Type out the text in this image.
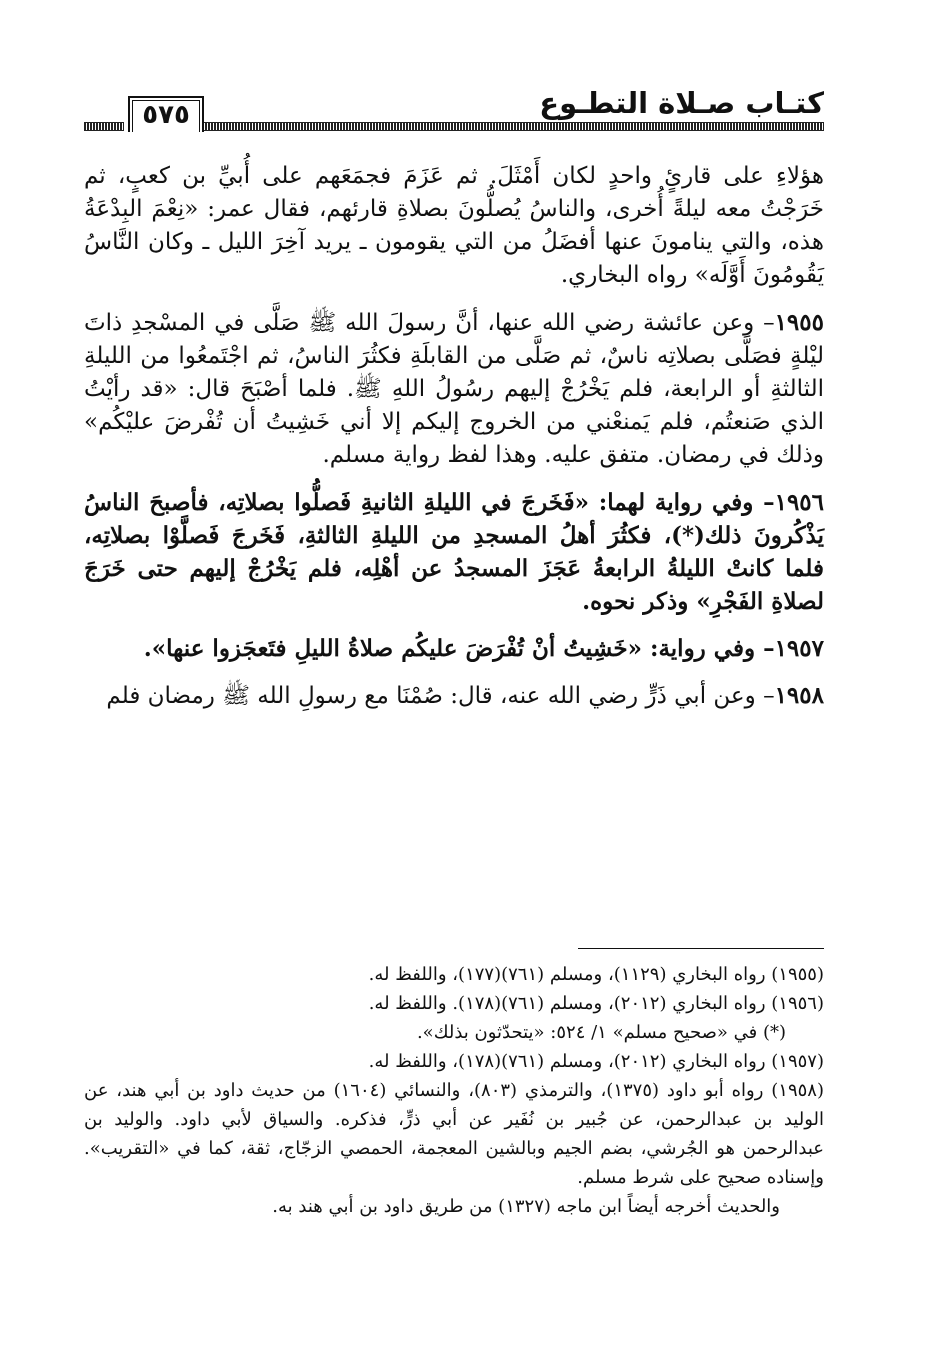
كتـاب صـلاة التطـوع
٥٧٥

هؤلاءِ على قارئٍ واحدٍ لكان أَمْثَلَ. ثم عَزَمَ فجمَعَهم على أُبيِّ بن كعبٍ، ثم خَرَجْتُ معه ليلةً أُخرى، والناسُ يُصلُّونَ بصلاةِ قارئهم، فقال عمر: «نِعْمَ البِدْعَةُ هذه، والتي ينامونَ عنها أفضَلُ من التي يقومون ـ يريد آخِرَ الليل ـ وكان النَّاسُ يَقُومُونَ أَوَّلَه» رواه البخاري.

١٩٥٥– وعن عائشة رضي الله عنها، أنَّ رسولَ الله ﷺ صَلَّى في المسْجدِ ذاتَ ليْلةٍ فصَلَّى بصلاتِه ناسٌ، ثم صَلَّى من القابلَةِ فكثُرَ الناسُ، ثم اجْتَمعُوا من الليلةِ الثالثةِ أو الرابعة، فلم يَخْرُجْ إليهم رسُولُ اللهِ ﷺ. فلما أصْبَحَ قال: «قد رأيْتُ الذي صَنعتُم، فلم يَمنعْني من الخروج إليكم إلا أني خَشِيتُ أن تُفْرضَ عليْكُم» وذلك في رمضان. متفق عليه. وهذا لفظ رواية مسلم.

١٩٥٦– وفي رواية لهما: «فَخَرجَ في الليلةِ الثانيةِ فَصلُّوا بصلاتِه، فأصبحَ الناسُ يَذْكُرونَ ذلك(*)، فكثُرَ أهلُ المسجدِ من الليلةِ الثالثةِ، فَخَرجَ فَصلَّوْا بصلاتِه، فلما كانتْ الليلةُ الرابعةُ عَجَزَ المسجدُ عن أهْلِه، فلم يَخْرُجْ إليهم حتى خَرَجَ لصلاةِ الفَجْرِ» وذكر نحوه.

١٩٥٧– وفي رواية: «خَشِيتُ أنْ تُفْرَضَ عليكُم صلاةُ الليلِ فتَعجَزوا عنها».

١٩٥٨– وعن أبي ذَرٍّ رضي الله عنه، قال: صُمْنَا مع رسولِ الله ﷺ رمضان فلم

(١٩٥٥) رواه البخاري (١١٢٩)، ومسلم (٧٦١)(١٧٧)، واللفظ له.

(١٩٥٦) رواه البخاري (٢٠١٢)، ومسلم (٧٦١)(١٧٨). واللفظ له.

(*) في «صحيح مسلم» ١/ ٥٢٤: «يتحدّثون بذلك».

(١٩٥٧) رواه البخاري (٢٠١٢)، ومسلم (٧٦١)(١٧٨)، واللفظ له.

(١٩٥٨) رواه أبو داود (١٣٧٥)، والترمذي (٨٠٣)، والنسائي (١٦٠٤) من حديث داود بن أبي هند، عن الوليد بن عبدالرحمن، عن جُبير بن نُفَير عن أبي ذرٍّ، فذكره. والسياق لأبي داود. والوليد بن عبدالرحمن هو الجُرشي، بضم الجيم وبالشين المعجمة، الحمصي الزجّاج، ثقة، كما في «التقريب». وإسناده صحيح على شرط مسلم.

والحديث أخرجه أيضاً ابن ماجه (١٣٢٧) من طريق داود بن أبي هند به.
